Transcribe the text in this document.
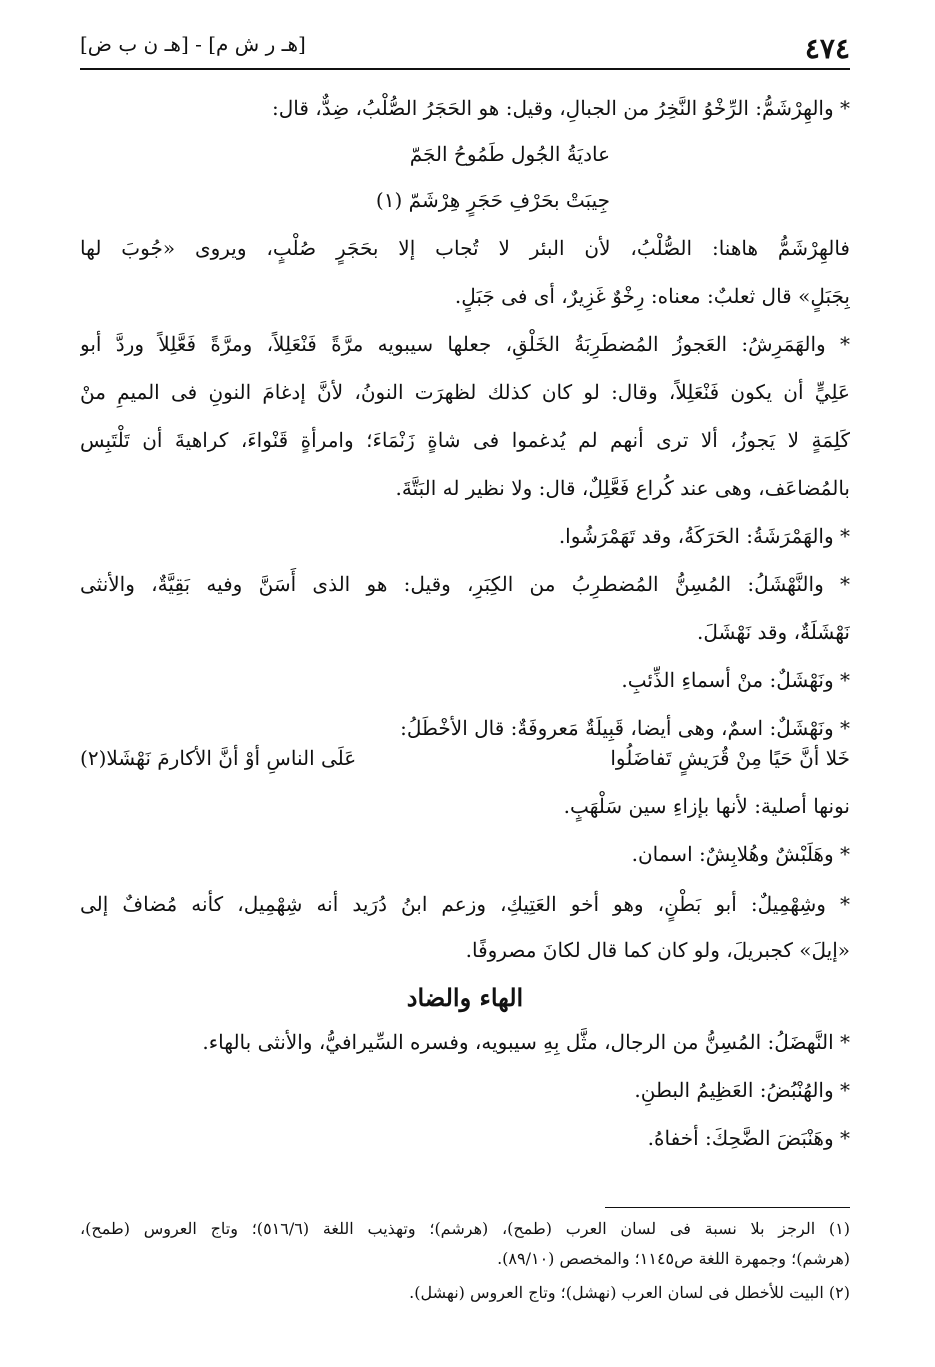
٤٧٤
[هـ ر ش م] - [هـ ن ب ض]
* والهِرْشَمُّ: الرِّخْوُ النَّخِرُ من الجبالِ، وقيل: هو الحَجَرُ الصُّلْبُ، ضِدٌّ، قال:
عاديَةُ الجُول طَمُوحُ الجَمّ
جِيبَتْ بحَرْفِ حَجَرٍ هِرْشَمّ (١)
فالهِرْشَمُّ هاهنا: الصُّلْبُ، لأن البئر لا تُجاب إلا بحَجَرٍ صُلْبٍ، ويروى «جُوبَ لها
بِجَبَلٍ» قال ثعلبٌ: معناه: رِخْوٌ غَزِيرٌ، أى فى جَبَلٍ.
* والهَمَرِشُ: العَجوزُ المُضطَرِبَةُ الخَلْقِ، جعلها سيبويه مرَّةً فَنْعَلِلاً، ومرَّةً فَعَّلِلاً وردَّ أبو
عَلِيٍّ أن يكون فَنْعَلِلاً، وقال: لو كان كذلك لظهرَت النونُ، لأنَّ إدغامَ النونِ فى الميمِ منْ
كَلِمَةٍ لا يَجوزُ، ألا ترى أنهم لم يُدغموا فى شاةٍ زَنْمَاءَ؛ وامرأةٍ قَنْواءَ، كراهيةَ أن تَلْتَبِس
بالمُضاعَف، وهى عند كُراع فَعَّلِلٌ، قال: ولا نظير له البَتَّةَ.
* والهَمْرَشَةُ: الحَرَكَةُ، وقد تَهَمْرَشُوا.
* والنَّهْشَلُ: المُسِنُّ المُضطرِبُ من الكِبَرِ، وقيل: هو الذى أَسَنَّ وفيه بَقِيَّةٌ، والأنثى
نَهْشَلَةٌ، وقد نَهْشَلَ.
* ونَهْشَلٌ: منْ أسماءِ الذِّئبِ.
* ونَهْشَلٌ: اسمٌ، وهى أيضا، قَبِيلَةٌ مَعروفَةٌ: قال الأخْطَلُ:
خَلا أنَّ حَيًا مِنْ قُرَيشٍ تَفاضَلُوا
عَلَى الناسِ أوْ أنَّ الأكارمَ نَهْشَلا(٢)
نونها أصلية: لأنها بإزاءِ سين سَلْهَبٍ.
* وهَلَبْشٌ وهُلابِشٌ: اسمان.
* وشِهْمِيلٌ: أبو بَطْنٍ، وهو أخو العَتِيكِ، وزعم ابنُ دُرَيد أنه شِهْمِيل، كأنه مُضافٌ إلى
«إيلَ» كجبريلَ، ولو كان كما قال لكانَ مصروفًا.
الهاء والضاد
* النَّهضَلُ: المُسِنُّ من الرجال، مثَّل بِهِ سيبويه، وفسره السِّيرافيُّ، والأنثى بالهاء.
* والهُنْبُضُ: العَظِيمُ البطنِ.
* وهَنْبَضَ الضَّحِكَ: أخفاهُ.
(١) الرجز بلا نسبة فى لسان العرب (طمح)، (هرشم)؛ وتهذيب اللغة (٥١٦/٦)؛ وتاج العروس (طمح)،
(هرشم)؛ وجمهرة اللغة ص١١٤٥؛ والمخصص (٨٩/١٠).
(٢) البيت للأخطل فى لسان العرب (نهشل)؛ وتاج العروس (نهشل).
